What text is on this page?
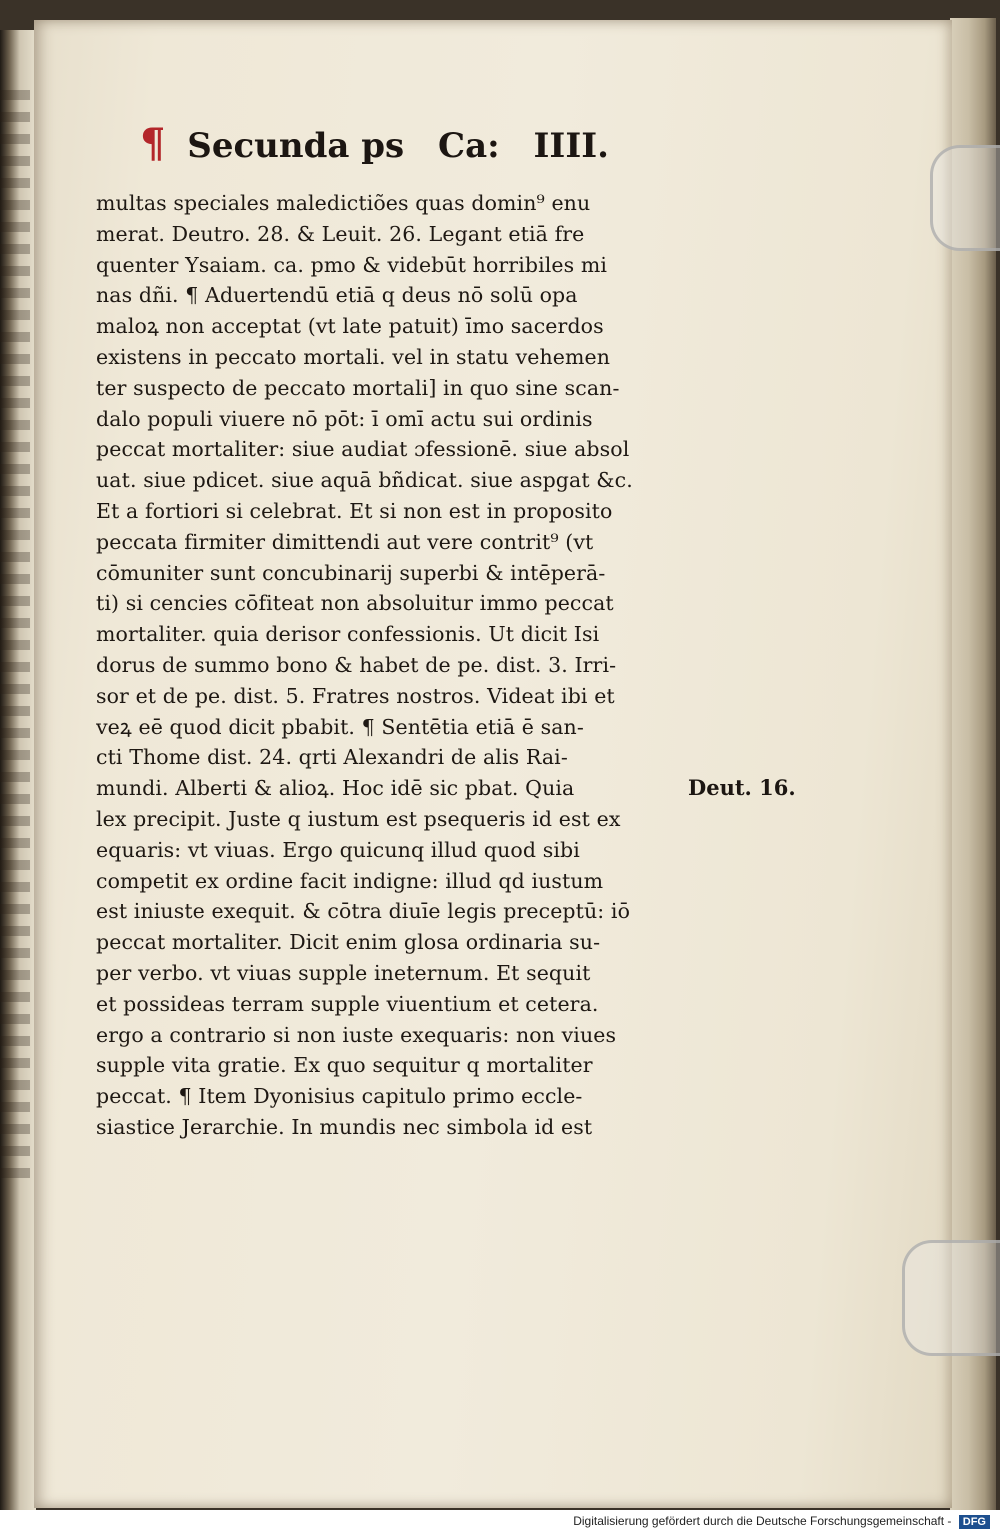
¶ Secunda ps Ca: IIII.
multas speciales maledictiões quas domin⁹ enu
merat. Deutro. 28. & Leuit. 26. Legant etiā fre
quenter Ysaiam. ca. pmo & videbūt horribiles mi
nas dñi. ¶ Aduertendū etiā q deus nō solū opa
maloꝝ non acceptat (vt late patuit) īmo sacerdos
existens in peccato mortali. vel in statu vehemen
ter suspecto de peccato mortali] in quo sine scan-
dalo populi viuere nō pōt: ī omī actu sui ordinis
peccat mortaliter: siue audiat ɔfessionē. siue absol
uat. siue pdicet. siue aquā bñdicat. siue aspgat &c.
Et a fortiori si celebrat. Et si non est in proposito
peccata firmiter dimittendi aut vere contrit⁹ (vt
cōmuniter sunt concubinarij superbi & intēperā-
ti) si cencies cōfiteat non absoluitur immo peccat
mortaliter. quia derisor confessionis. Ut dicit Isi
dorus de summo bono & habet de pe. dist. 3. Irri-
sor et de pe. dist. 5. Fratres nostros. Videat ibi et
veꝝ eē quod dicit pbabit. ¶ Sentētia etiā ē san-
cti Thome dist. 24. qrti Alexandri de alis Rai-
mundi. Alberti & alioꝝ. Hoc idē sic pbat. Quia
lex precipit. Juste q iustum est psequeris id est ex
equaris: vt viuas. Ergo quicunq illud quod sibi
competit ex ordine facit indigne: illud qd iustum
est iniuste exequit. & cōtra diuīe legis preceptū: iō
peccat mortaliter. Dicit enim glosa ordinaria su-
per verbo. vt viuas supple ineternum. Et sequit
et possideas terram supple viuentium et cetera.
ergo a contrario si non iuste exequaris: non viues
supple vita gratie. Ex quo sequitur q mortaliter
peccat. ¶ Item Dyonisius capitulo primo eccle-
siastice Jerarchie. In mundis nec simbola id est
Deut. 16.
Digitalisierung gefördert durch die Deutsche Forschungsgemeinschaft - DFG
